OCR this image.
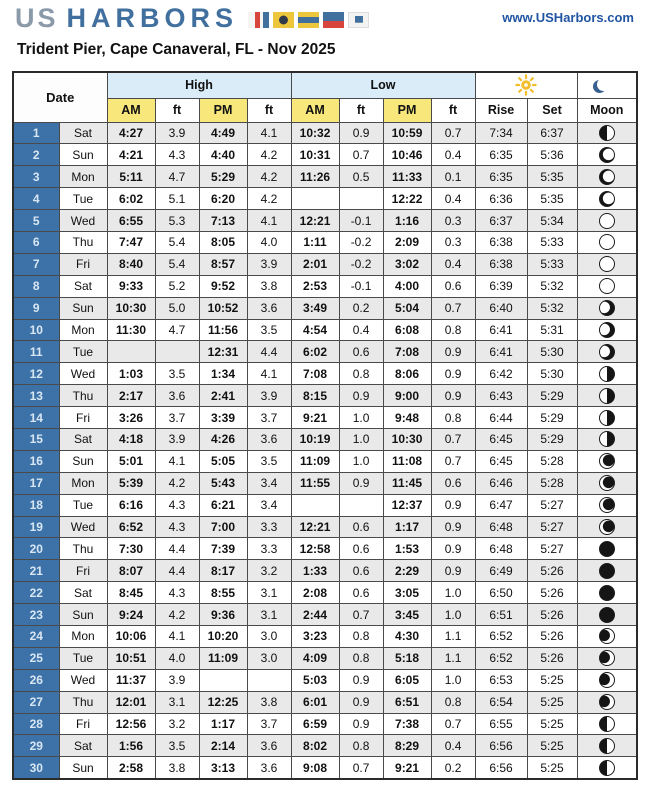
US HARBORS	www.USHarbors.com
Trident Pier, Cape Canaveral, FL - Nov 2025
Date		High				Low	

		AM	ft	PM	ft	AM	ft	PM	ft	Rise	Set	Moon
1	Sat	4:27	3.9	4:49	4.1	10:32	0.9	10:59	0.7	7:34	6:37	

2	Sun	4:21	4.3	4:40	4.2	10:31	0.7	10:46	0.4	6:35	5:36	

3	Mon	5:11	4.7	5:29	4.2	11:26	0.5	11:33	0.1	6:35	5:35	

4	Tue	6:02	5.1	6:20	4.2			12:22	0.4	6:36	5:35	

5	Wed	6:55	5.3	7:13	4.1	12:21	-0.1	1:16	0.3	6:37	5:34	

6	Thu	7:47	5.4	8:05	4.0	1:11	-0.2	2:09	0.3	6:38	5:33	

7	Fri	8:40	5.4	8:57	3.9	2:01	-0.2	3:02	0.4	6:38	5:33	

8	Sat	9:33	5.2	9:52	3.8	2:53	-0.1	4:00	0.6	6:39	5:32	

9	Sun	10:30	5.0	10:52	3.6	3:49	0.2	5:04	0.7	6:40	5:32	

10	Mon	11:30	4.7	11:56	3.5	4:54	0.4	6:08	0.8	6:41	5:31	

11	Tue			12:31	4.4	6:02	0.6	7:08	0.9	6:41	5:30	

12	Wed	1:03	3.5	1:34	4.1	7:08	0.8	8:06	0.9	6:42	5:30	

13	Thu	2:17	3.6	2:41	3.9	8:15	0.9	9:00	0.9	6:43	5:29	

14	Fri	3:26	3.7	3:39	3.7	9:21	1.0	9:48	0.8	6:44	5:29	

15	Sat	4:18	3.9	4:26	3.6	10:19	1.0	10:30	0.7	6:45	5:29	

16	Sun	5:01	4.1	5:05	3.5	11:09	1.0	11:08	0.7	6:45	5:28	

17	Mon	5:39	4.2	5:43	3.4	11:55	0.9	11:45	0.6	6:46	5:28	

18	Tue	6:16	4.3	6:21	3.4			12:37	0.9	6:47	5:27	

19	Wed	6:52	4.3	7:00	3.3	12:21	0.6	1:17	0.9	6:48	5:27	

20	Thu	7:30	4.4	7:39	3.3	12:58	0.6	1:53	0.9	6:48	5:27	

21	Fri	8:07	4.4	8:17	3.2	1:33	0.6	2:29	0.9	6:49	5:26	

22	Sat	8:45	4.3	8:55	3.1	2:08	0.6	3:05	1.0	6:50	5:26	

23	Sun	9:24	4.2	9:36	3.1	2:44	0.7	3:45	1.0	6:51	5:26	

24	Mon	10:06	4.1	10:20	3.0	3:23	0.8	4:30	1.1	6:52	5:26	

25	Tue	10:51	4.0	11:09	3.0	4:09	0.8	5:18	1.1	6:52	5:26	

26	Wed	11:37	3.9			5:03	0.9	6:05	1.0	6:53	5:25	

27	Thu	12:01	3.1	12:25	3.8	6:01	0.9	6:51	0.8	6:54	5:25	

28	Fri	12:56	3.2	1:17	3.7	6:59	0.9	7:38	0.7	6:55	5:25	

29	Sat	1:56	3.5	2:14	3.6	8:02	0.8	8:29	0.4	6:56	5:25	

30	Sun	2:58	3.8	3:13	3.6	9:08	0.7	9:21	0.2	6:56	5:25	
